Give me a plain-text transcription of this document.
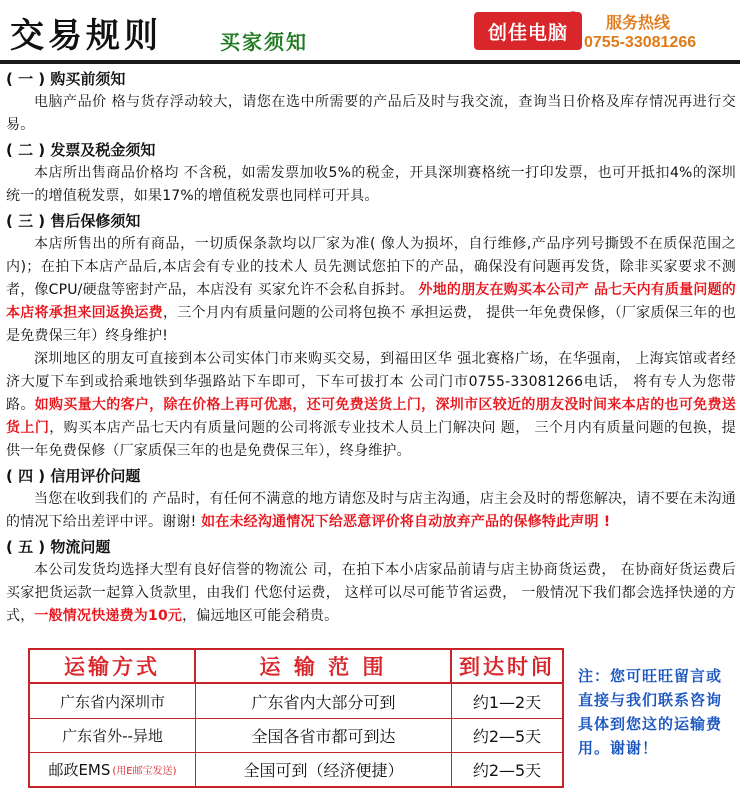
交易规则	买家须知	创佳电脑
® 服务热线
0755-33081266
( 一 ) 购买前须知
电脑产品价 格与货存浮动较大，请您在选中所需要的产品后及时与我交流，查询当日价格及库存情况再进行交易。
( 二 ) 发票及税金须知
本店所出售商品价格均 不含税，如需发票加收5%的税金，开具深圳赛格统一打印发票，也可开抵扣4%的深圳统一的增值税发票，如果17%的增值税发票也同样可开具。
( 三 ) 售后保修须知
本店所售出的所有商品，一切质保条款均以厂家为准( 像人为损坏，自行维修,产品序列号撕毁不在质保范围之内)；在拍下本店产品后,本店会有专业的技术人 员先测试您拍下的产品，确保没有问题再发货，除非买家要求不测者，像CPU/硬盘等密封产品，本店没有 买家允许不会私自拆封。 外地的朋友在购买本公司产 品七天内有质量问题的本店将承担来回返换运费，三个月内有质量问题的公司将包换不 承担运费， 提供一年免费保修，（厂家质保三年的也是免费保三年）终身维护!
深圳地区的朋友可直接到本公司实体门市来购买交易，到福田区华 强北赛格广场，在华强南， 上海宾馆或者经济大厦下车到或拾乘地铁到华强路站下车即可，下车可拔打本 公司门市0755-33081266电话， 将有专人为您带路。如购买量大的客户，除在价格上再可优惠，还可免费送货上门，深圳市区较近的朋友没时间来本店的也可免费送货上门，购买本店产品七天内有质量问题的公司将派专业技术人员上门解决问 题， 三个月内有质量问题的包换，提供一年免费保修（厂家质保三年的也是免费保三年），终身维护。
( 四 ) 信用评价问题
当您在收到我们的 产品时，有任何不满意的地方请您及时与店主沟通，店主会及时的帮您解决，请不要在未沟通的情况下给出差评中评。谢谢! 如在未经沟通情况下给恶意评价将自动放弃产品的保修特此声明 !
( 五 ) 物流问题
本公司发货均选择大型有良好信誉的物流公 司，在拍下本小店家品前请与店主协商货运费， 在协商好货运费后买家把货运款一起算入货款里，由我们 代您付运费， 这样可以尽可能节省运费， 一般情况下我们都会选择快递的方式，一般情况快递费为10元，偏远地区可能会稍贵。
运输方式	运 输 范 围	到达时间
广东省内深圳市	广东省内大部分可到	约1—2天
广东省外--异地	全国各省市都可到达	约2—5天
邮政EMS (用E邮宝发送)	全国可到（经济便捷）	约2—5天
注：您可旺旺留言或直接与我们联系咨询具体到您这的运输费用。谢谢！
